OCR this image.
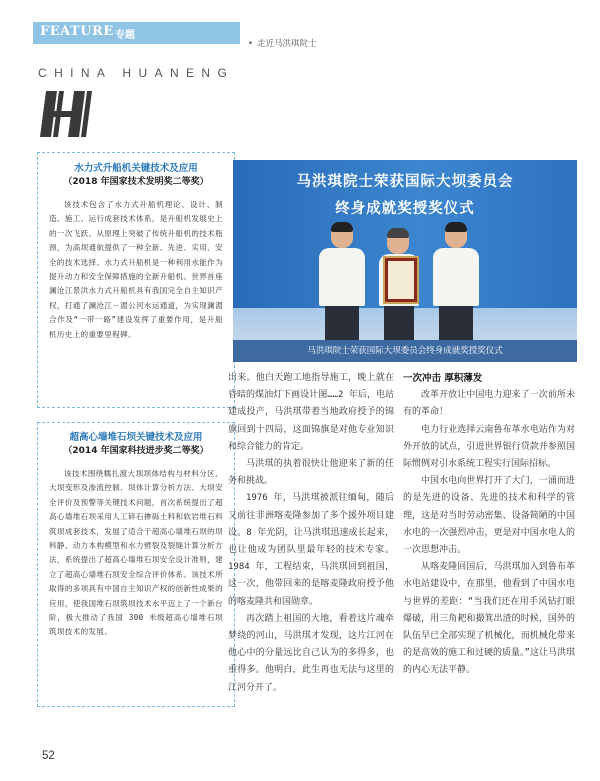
FEATURE 专题
• 走近马洪琪院士
CHINA HUANENG
水力式升船机关键技术及应用
（2018 年国家技术发明奖二等奖）
该技术包含了水力式升船机理论、设计、制造、施工、运行成套技术体系，是升船机发展史上的一次飞跃。从原理上突破了传统升船机的技术瓶颈，为高坝通航提供了一种全新、先进、实用、安全的技术选择。水力式升船机是一种利用水能作为提升动力和安全保障措施的全新升船机。世界首座澜沧江景洪水力式升船机具有我国完全自主知识产权，打通了澜沧江－湄公河水运通道，为实现澜湄合作及“一带一路”建设发挥了重要作用，是升船机历史上的重要里程碑。
超高心墙堆石坝关键技术及应用
（2014 年国家科技进步奖二等奖）
该技术围绕糯扎渡大坝坝体结构与材料分区、大坝变形及渗流控制、坝体计算分析方法、大坝安全评价及预警等关键技术问题，首次系统提出了超高心墙堆石坝采用人工碎石掺砾土料和软岩堆石料筑坝成套技术，发展了适合于超高心墙堆石坝的坝料静、动力本构模型和水力劈裂及裂缝计算分析方法，系统提出了超高心墙堆石坝安全设计准则，建立了超高心墙堆石坝安全综合评价体系。该技术所取得的多项具有中国自主知识产权的创新性成果的应用，使我国堆石坝筑坝技术水平迈上了一个新台阶，极大推动了我国 300 米级超高心墙堆石坝筑坝技术的发展。
马洪琪院士荣获国际大坝委员会
终身成就奖授奖仪式
马洪琪院士荣获国际大坝委员会终身成就奖授奖仪式

出来。他白天跑工地指导施工，晚上就在昏暗的煤油灯下画设计图……2 年后，电站建成投产，马洪琪带着当地政府授予的锦旗回到十四局，这面锦旗是对他专业知识和综合能力的肯定。

马洪琪的执着很快让他迎来了新的任务和挑战。

1976 年，马洪琪被派往缅甸，随后又前往非洲喀麦隆参加了多个援外项目建设。8 年光阴，让马洪琪迅速成长起来，也让他成为团队里最年轻的技术专家。1984 年，工程结束，马洪琪回到祖国，这一次，他带回来的是喀麦隆政府授予他的喀麦隆共和国勋章。

再次踏上祖国的大地，看着这片魂牵梦绕的河山，马洪琪才发现，这片江河在他心中的分量远比自己认为的多得多，也重得多。他明白，此生再也无法与这里的江河分开了。

一次冲击 厚积薄发

改革开放让中国电力迎来了一次前所未有的革命！

电力行业选择云南鲁布革水电站作为对外开放的试点，引进世界银行贷款并参照国际惯例对引水系统工程实行国际招标。

中国水电向世界打开了大门，一涌而进的是先进的设备、先进的技术和科学的管理，这是对当时劳动密集、设备简陋的中国水电的一次强烈冲击，更是对中国水电人的一次思想冲击。

从喀麦隆回国后，马洪琪加入到鲁布革水电站建设中，在那里，他看到了中国水电与世界的差距：“当我们还在用手风钻打眼爆破，用三角耙和撮箕出渣的时候，国外的队伍早已全部实现了机械化，而机械化带来的是高效的施工和过硬的质量。”这让马洪琪的内心无法平静。

52
